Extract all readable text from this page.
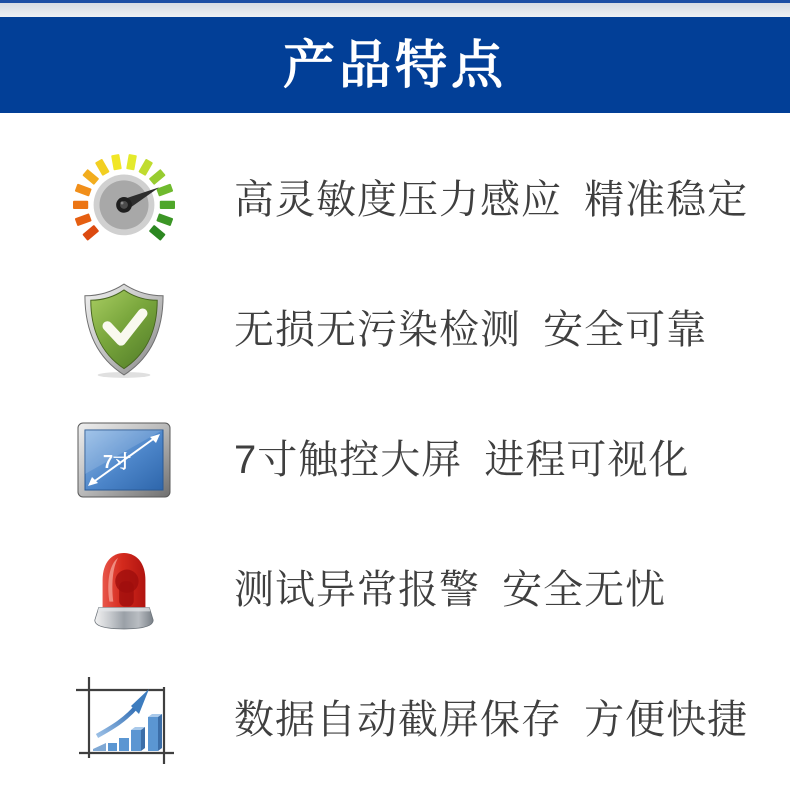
产品特点
高灵敏度压力感应 精准稳定
无损无污染检测 安全可靠
7寸	7寸触控大屏 进程可视化
测试异常报警 安全无忧
数据自动截屏保存 方便快捷
